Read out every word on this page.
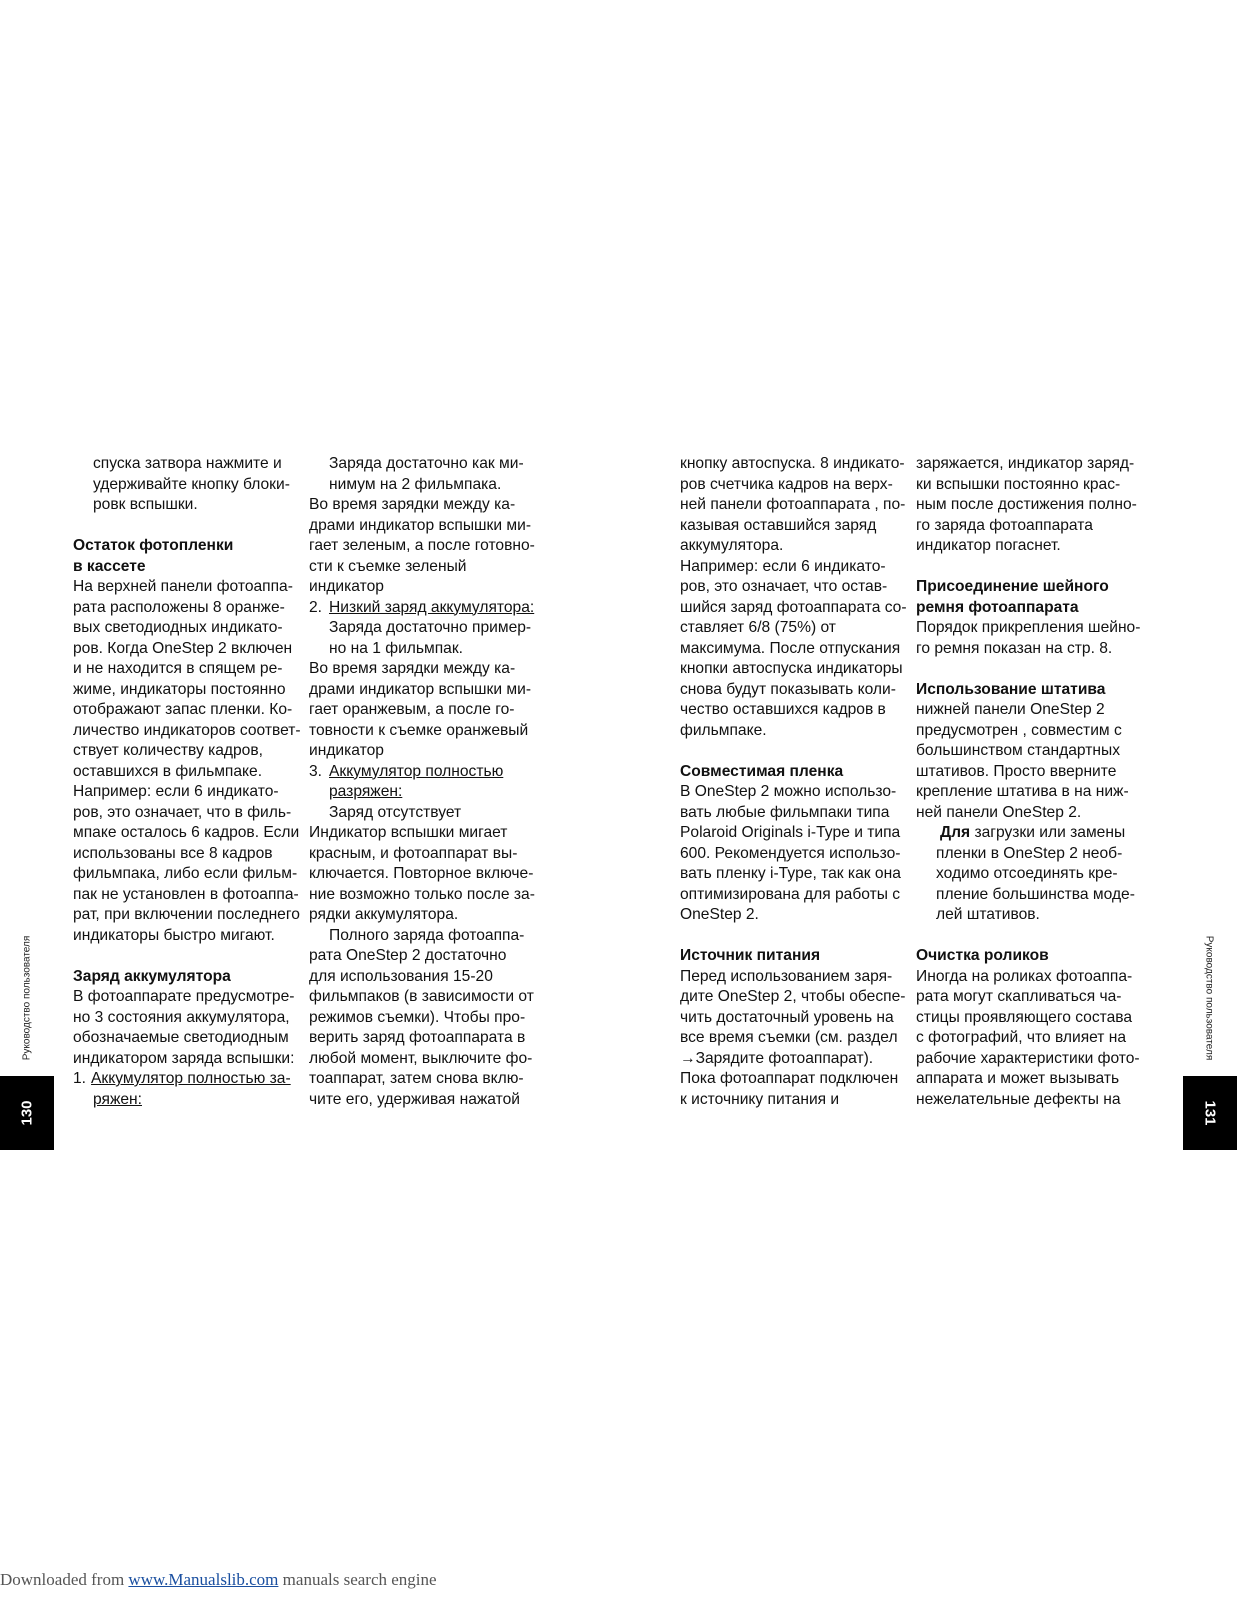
спуска затвора нажмите и

удерживайте кнопку блоки-

ровк вспышки.

Остаток фотопленки

в кассете

На верхней панели фотоаппа-

рата расположены 8 оранже-

вых светодиодных индикато-

ров. Когда OneStep 2 включен

и не находится в спящем ре-

жиме, индикаторы постоянно

отображают запас пленки. Ко-

личество индикаторов соответ-

ствует количеству кадров,

оставшихся в фильмпаке.

Например: если 6 индикато-

ров, это означает, что в филь-

мпаке осталось 6 кадров. Если

использованы все 8 кадров

фильмпака, либо если фильм-

пак не установлен в фотоаппа-

рат, при включении последнего

индикаторы быстро мигают.

Заряд аккумулятора

В фотоаппарате предусмотре-

но 3 состояния аккумулятора,

обозначаемые светодиодным

индикатором заряда вспышки:

1. Аккумулятор полностью за-

ряжен:

Заряда достаточно как ми-

нимум на 2 фильмпака.

Во время зарядки между ка-

драми индикатор вспышки ми-

гает зеленым, а после готовно-

сти к съемке зеленый

индикатор

2. Низкий заряд аккумулятора:

Заряда достаточно пример-

но на 1 фильмпак.

Во время зарядки между ка-

драми индикатор вспышки ми-

гает оранжевым, а после го-

товности к съемке оранжевый

индикатор

3. Аккумулятор полностью

разряжен:

Заряд отсутствует

Индикатор вспышки мигает

красным, и фотоаппарат вы-

ключается. Повторное включе-

ние возможно только после за-

рядки аккумулятора.

Полного заряда фотоаппа-

рата OneStep 2 достаточно

для использования 15-20

фильмпаков (в зависимости от

режимов съемки). Чтобы про-

верить заряд фотоаппарата в

любой момент, выключите фо-

тоаппарат, затем снова вклю-

чите его, удерживая нажатой

кнопку автоспуска. 8 индикато-

ров счетчика кадров на верх-

ней панели фотоаппарата , по-

казывая оставшийся заряд

аккумулятора.

Например: если 6 индикато-

ров, это означает, что остав-

шийся заряд фотоаппарата со-

ставляет 6/8 (75%) от

максимума. После отпускания

кнопки автоспуска индикаторы

снова будут показывать коли-

чество оставшихся кадров в

фильмпаке.

Совместимая пленка

В OneStep 2 можно использо-

вать любые фильмпаки типа

Polaroid Originals i-Type и типа

600. Рекомендуется использо-

вать пленку i-Type, так как она

оптимизирована для работы с

OneStep 2.

Источник питания

Перед использованием заря-

дите OneStep 2, чтобы обеспе-

чить достаточный уровень на

все время съемки (см. раздел

→Зарядите фотоаппарат).

Пока фотоаппарат подключен

к источнику питания и

заряжается, индикатор заряд-

ки вспышки постоянно крас-

ным после достижения полно-

го заряда фотоаппарата

индикатор погаснет.

Присоединение шейного

ремня фотоаппарата

Порядок прикрепления шейно-

го ремня показан на стр. 8.

Использование штатива

нижней панели OneStep 2

предусмотрен , совместим с

большинством стандартных

штативов. Просто вверните

крепление штатива в на ниж-

ней панели OneStep 2.

Для загрузки или замены

пленки в OneStep 2 необ-

ходимо отсоединять кре-

пление большинства моде-

лей штативов.

Очистка роликов

Иногда на роликах фотоаппа-

рата могут скапливаться ча-

стицы проявляющего состава

с фотографий, что влияет на

рабочие характеристики фото-

аппарата и может вызывать

нежелательные дефекты на

Руководство пользователя
130
Руководство пользователя
131
Downloaded from www.Manualslib.com manuals search engine
